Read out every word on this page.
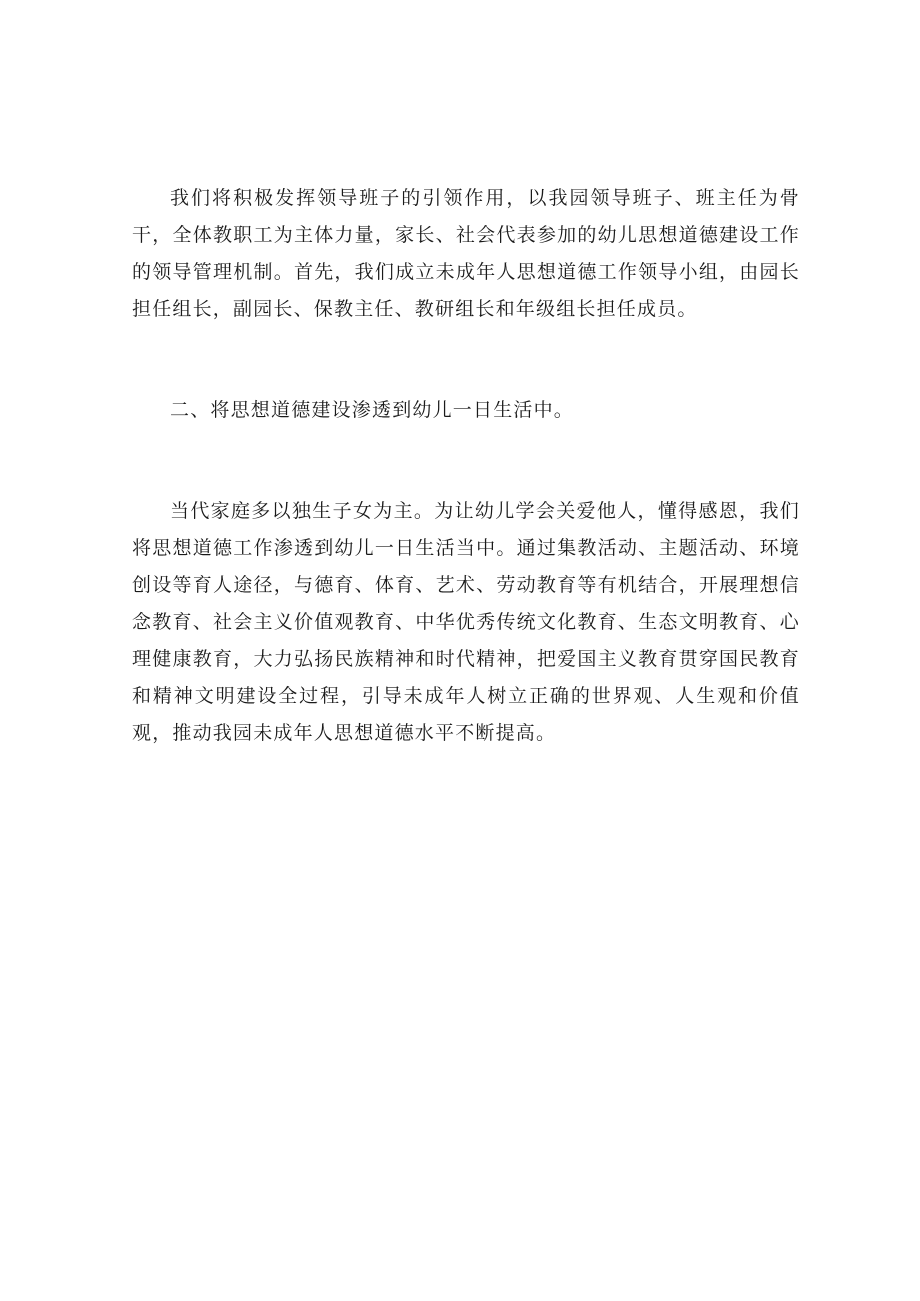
我们将积极发挥领导班子的引领作用，以我园领导班子、班主任为骨干，全体教职工为主体力量，家长、社会代表参加的幼儿思想道德建设工作的领导管理机制。首先，我们成立未成年人思想道德工作领导小组，由园长担任组长，副园长、保教主任、教研组长和年级组长担任成员。

二、将思想道德建设渗透到幼儿一日生活中。

当代家庭多以独生子女为主。为让幼儿学会关爱他人，懂得感恩，我们将思想道德工作渗透到幼儿一日生活当中。通过集教活动、主题活动、环境创设等育人途径，与德育、体育、艺术、劳动教育等有机结合，开展理想信念教育、社会主义价值观教育、中华优秀传统文化教育、生态文明教育、心理健康教育，大力弘扬民族精神和时代精神，把爱国主义教育贯穿国民教育和精神文明建设全过程，引导未成年人树立正确的世界观、人生观和价值观，推动我园未成年人思想道德水平不断提高。
